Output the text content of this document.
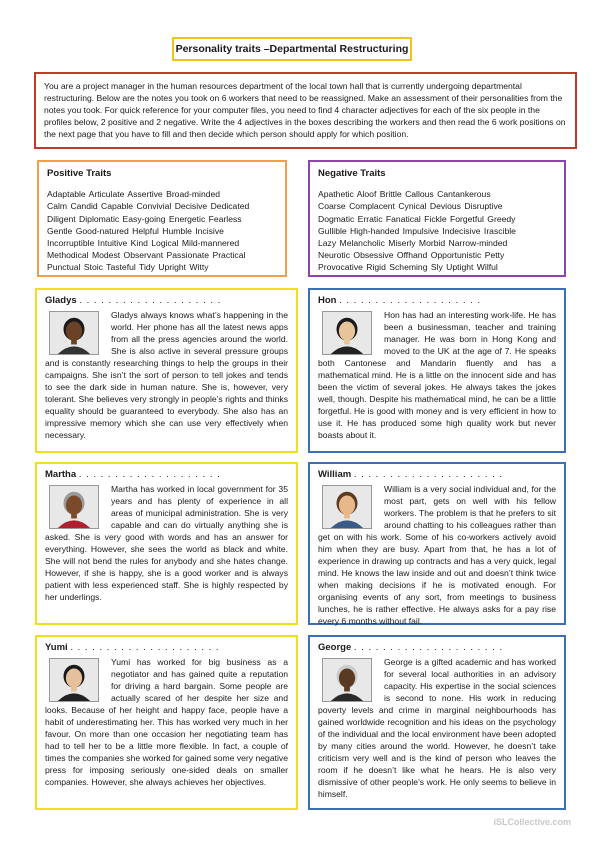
Personality traits –Departmental Restructuring
You are a project manager in the human resources department of the local town hall that is currently undergoing departmental restructuring. Below are the notes you took on 6 workers that need to be reassigned. Make an assessment of their personalities from the notes you took. For quick reference for your computer files, you need to find 4 character adjectives for each of the six people in the profiles below, 2 positive and 2 negative. Write the 4 adjectives in the boxes describing the workers and then read the 6 work positions on the next page that you have to fill and then decide which person should apply for which position.
Positive Traits
Adaptable Articulate Assertive Broad-minded
Calm Candid Capable Convivial Decisive Dedicated
Diligent Diplomatic Easy-going Energetic Fearless
Gentle Good-natured Helpful Humble Incisive
Incorruptible Intuitive Kind Logical Mild-mannered
Methodical Modest Observant Passionate Practical
Punctual Stoic Tasteful Tidy Upright Witty
Negative Traits
Apathetic Aloof Brittle Callous Cantankerous
Coarse Complacent Cynical Devious Disruptive
Dogmatic Erratic Fanatical Fickle Forgetful Greedy
Gullible High-handed Impulsive Indecisive Irascible
Lazy Melancholic Miserly Morbid Narrow-minded
Neurotic Obsessive Offhand Opportunistic Petty
Provocative Rigid Scheming Sly Uptight Wilful
Gladys . . . . . . . . . . . . . . . . . . . .
Gladys always knows what’s happening in the world. Her phone has all the latest news apps from all the press agencies around the world. She is also active in several pressure groups and is constantly researching things to help the groups in their campaigns. She isn’t the sort of person to tell jokes and tends to see the dark side in human nature. She is, however, very tolerant. She believes very strongly in people’s rights and thinks equality should be guaranteed to everybody. She also has an impressive memory which she can use very effectively when necessary.
Hon . . . . . . . . . . . . . . . . . . . .
Hon has had an interesting work-life. He has been a businessman, teacher and training manager. He was born in Hong Kong and moved to the UK at the age of 7. He speaks both Cantonese and Mandarin fluently and has a mathematical mind. He is a little on the innocent side and has been the victim of several jokes. He always takes the jokes well, though. Despite his mathematical mind, he can be a little forgetful. He is good with money and is very efficient in how to use it. He has produced some high quality work but never boasts about it.
Martha . . . . . . . . . . . . . . . . . . . .
Martha has worked in local government for 35 years and has plenty of experience in all areas of municipal administration. She is very capable and can do virtually anything she is asked. She is very good with words and has an answer for everything. However, she sees the world as black and white. She will not bend the rules for anybody and she hates change. However, if she is happy, she is a good worker and is always patient with less experienced staff. She is highly respected by her underlings.
William . . . . . . . . . . . . . . . . . . . . .
William is a very social individual and, for the most part, gets on well with his fellow workers. The problem is that he prefers to sit around chatting to his colleagues rather than get on with his work. Some of his co-workers actively avoid him when they are busy. Apart from that, he has a lot of experience in drawing up contracts and has a very quick, legal mind. He knows the law inside and out and doesn’t think twice when making decisions if he is motivated enough. For organising events of any sort, from meetings to business lunches, he is rather effective. He always asks for a pay rise every 6 months without fail.
Yumi . . . . . . . . . . . . . . . . . . . . .
Yumi has worked for big business as a negotiator and has gained quite a reputation for driving a hard bargain. Some people are actually scared of her despite her size and looks. Because of her height and happy face, people have a habit of underestimating her. This has worked very much in her favour. On more than one occasion her negotiating team has had to tell her to be a little more flexible. In fact, a couple of times the companies she worked for gained some very negative press for imposing seriously one-sided deals on smaller companies. However, she always achieves her objectives.
George . . . . . . . . . . . . . . . . . . . . .
George is a gifted academic and has worked for several local authorities in an advisory capacity. His expertise in the social sciences is second to none. His work in reducing poverty levels and crime in marginal neighbourhoods has gained worldwide recognition and his ideas on the psychology of the individual and the local environment have been adopted by many cities around the world. However, he doesn’t take criticism very well and is the kind of person who leaves the room if he doesn’t like what he hears. He is also very dismissive of other people’s work. He only seems to believe in himself.
iSLCollective.com
